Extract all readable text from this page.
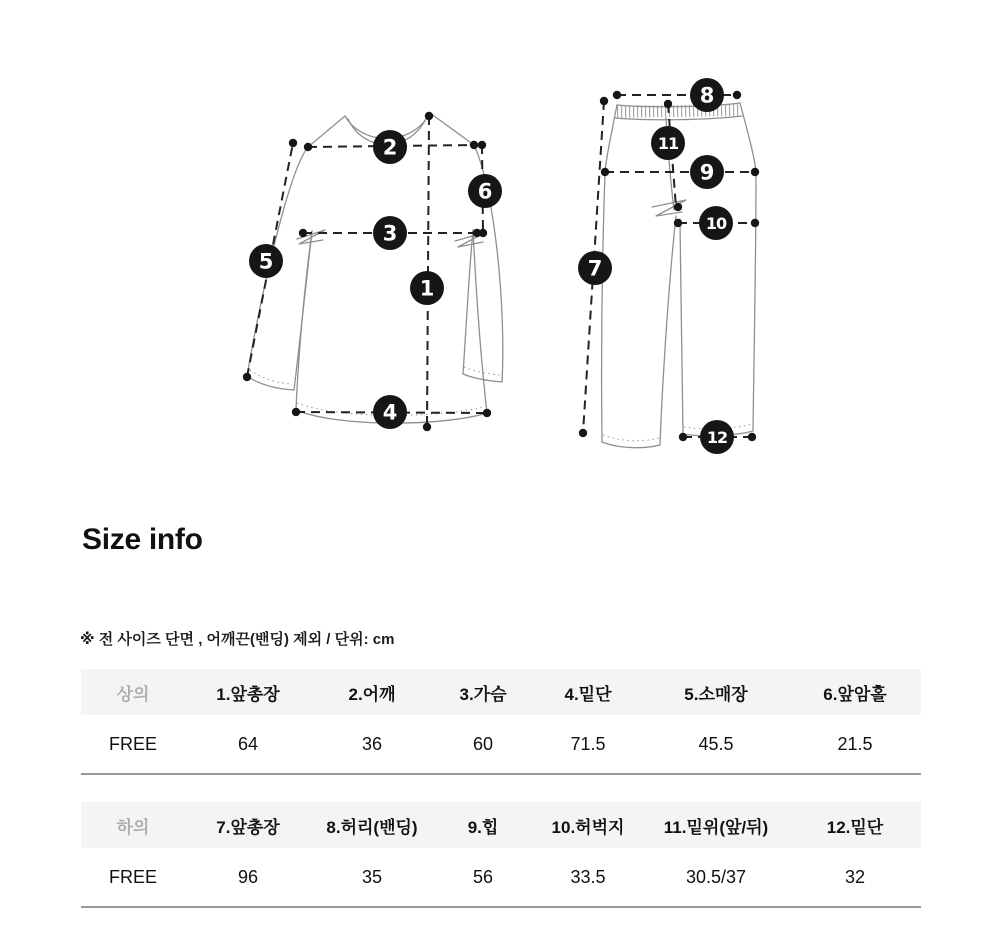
1
2
3
4
5
6
7
8
9
10
11
12
Size info

※ 전 사이즈 단면 , 어깨끈(밴딩) 제외 / 단위: cm

상의	1.앞총장	2.어깨	3.가슴	4.밑단	5.소매장	6.앞암홀
FREE	64	36	60	71.5	45.5	21.5
하의	7.앞총장	8.허리(밴딩)	9.힙	10.허벅지	11.밑위(앞/뒤)	12.밑단
FREE	96	35	56	33.5	30.5/37	32
